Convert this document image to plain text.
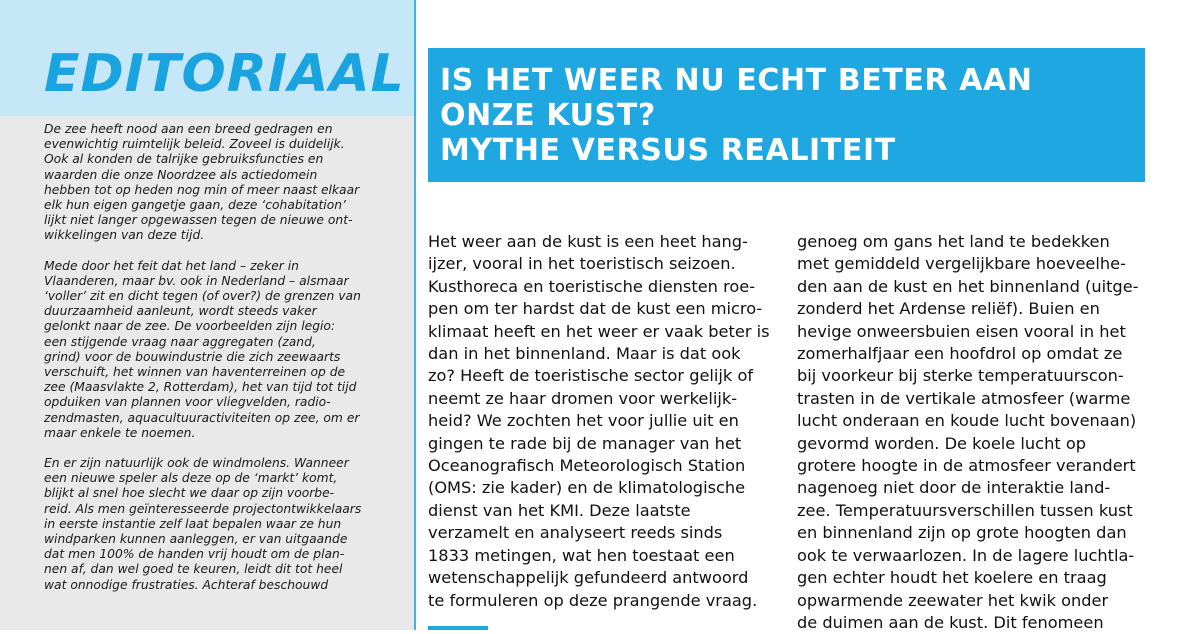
EDITORIAAL

De zee heeft nood aan een breed gedragen en
evenwichtig ruimtelijk beleid. Zoveel is duidelijk.
Ook al konden de talrijke gebruiksfuncties en
waarden die onze Noordzee als actiedomein
hebben tot op heden nog min of meer naast elkaar
elk hun eigen gangetje gaan, deze ‘cohabitation’
lijkt niet langer opgewassen tegen de nieuwe ont-
wikkelingen van deze tijd.

Mede door het feit dat het land – zeker in
Vlaanderen, maar bv. ook in Nederland – alsmaar
‘voller’ zit en dicht tegen (of over?) de grenzen van
duurzaamheid aanleunt, wordt steeds vaker
gelonkt naar de zee. De voorbeelden zijn legio:
een stijgende vraag naar aggregaten (zand,
grind) voor de bouwindustrie die zich zeewaarts
verschuift, het winnen van haventerreinen op de
zee (Maasvlakte 2, Rotterdam), het van tijd tot tijd
opduiken van plannen voor vliegvelden, radio-
zendmasten, aquacultuuractiviteiten op zee, om er
maar enkele te noemen.

En er zijn natuurlijk ook de windmolens. Wanneer
een nieuwe speler als deze op de ‘markt’ komt,
blijkt al snel hoe slecht we daar op zijn voorbe-
reid. Als men geïnteresseerde projectontwikkelaars
in eerste instantie zelf laat bepalen waar ze hun
windparken kunnen aanleggen, er van uitgaande
dat men 100% de handen vrij houdt om de plan-
nen af, dan wel goed te keuren, leidt dit tot heel
wat onnodige frustraties. Achteraf beschouwd

IS HET WEER NU ECHT BETER AAN
ONZE KUST?
MYTHE VERSUS REALITEIT
Het weer aan de kust is een heet hang-
ijzer, vooral in het toeristisch seizoen.
Kusthoreca en toeristische diensten roe-
pen om ter hardst dat de kust een micro-
klimaat heeft en het weer er vaak beter is
dan in het binnenland. Maar is dat ook
zo? Heeft de toeristische sector gelijk of
neemt ze haar dromen voor werkelijk-
heid? We zochten het voor jullie uit en
gingen te rade bij de manager van het
Oceanografisch Meteorologisch Station
(OMS: zie kader) en de klimatologische
dienst van het KMI. Deze laatste
verzamelt en analyseert reeds sinds
1833 metingen, wat hen toestaat een
wetenschappelijk gefundeerd antwoord
te formuleren op deze prangende vraag.
genoeg om gans het land te bedekken
met gemiddeld vergelijkbare hoeveelhe-
den aan de kust en het binnenland (uitge-
zonderd het Ardense reliëf). Buien en
hevige onweersbuien eisen vooral in het
zomerhalfjaar een hoofdrol op omdat ze
bij voorkeur bij sterke temperatuurscon-
trasten in de vertikale atmosfeer (warme
lucht onderaan en koude lucht bovenaan)
gevormd worden. De koele lucht op
grotere hoogte in de atmosfeer verandert
nagenoeg niet door de interaktie land-
zee. Temperatuursverschillen tussen kust
en binnenland zijn op grote hoogten dan
ook te verwaarlozen. In de lagere luchtla-
gen echter houdt het koelere en traag
opwarmende zeewater het kwik onder
de duimen aan de kust. Dit fenomeen
